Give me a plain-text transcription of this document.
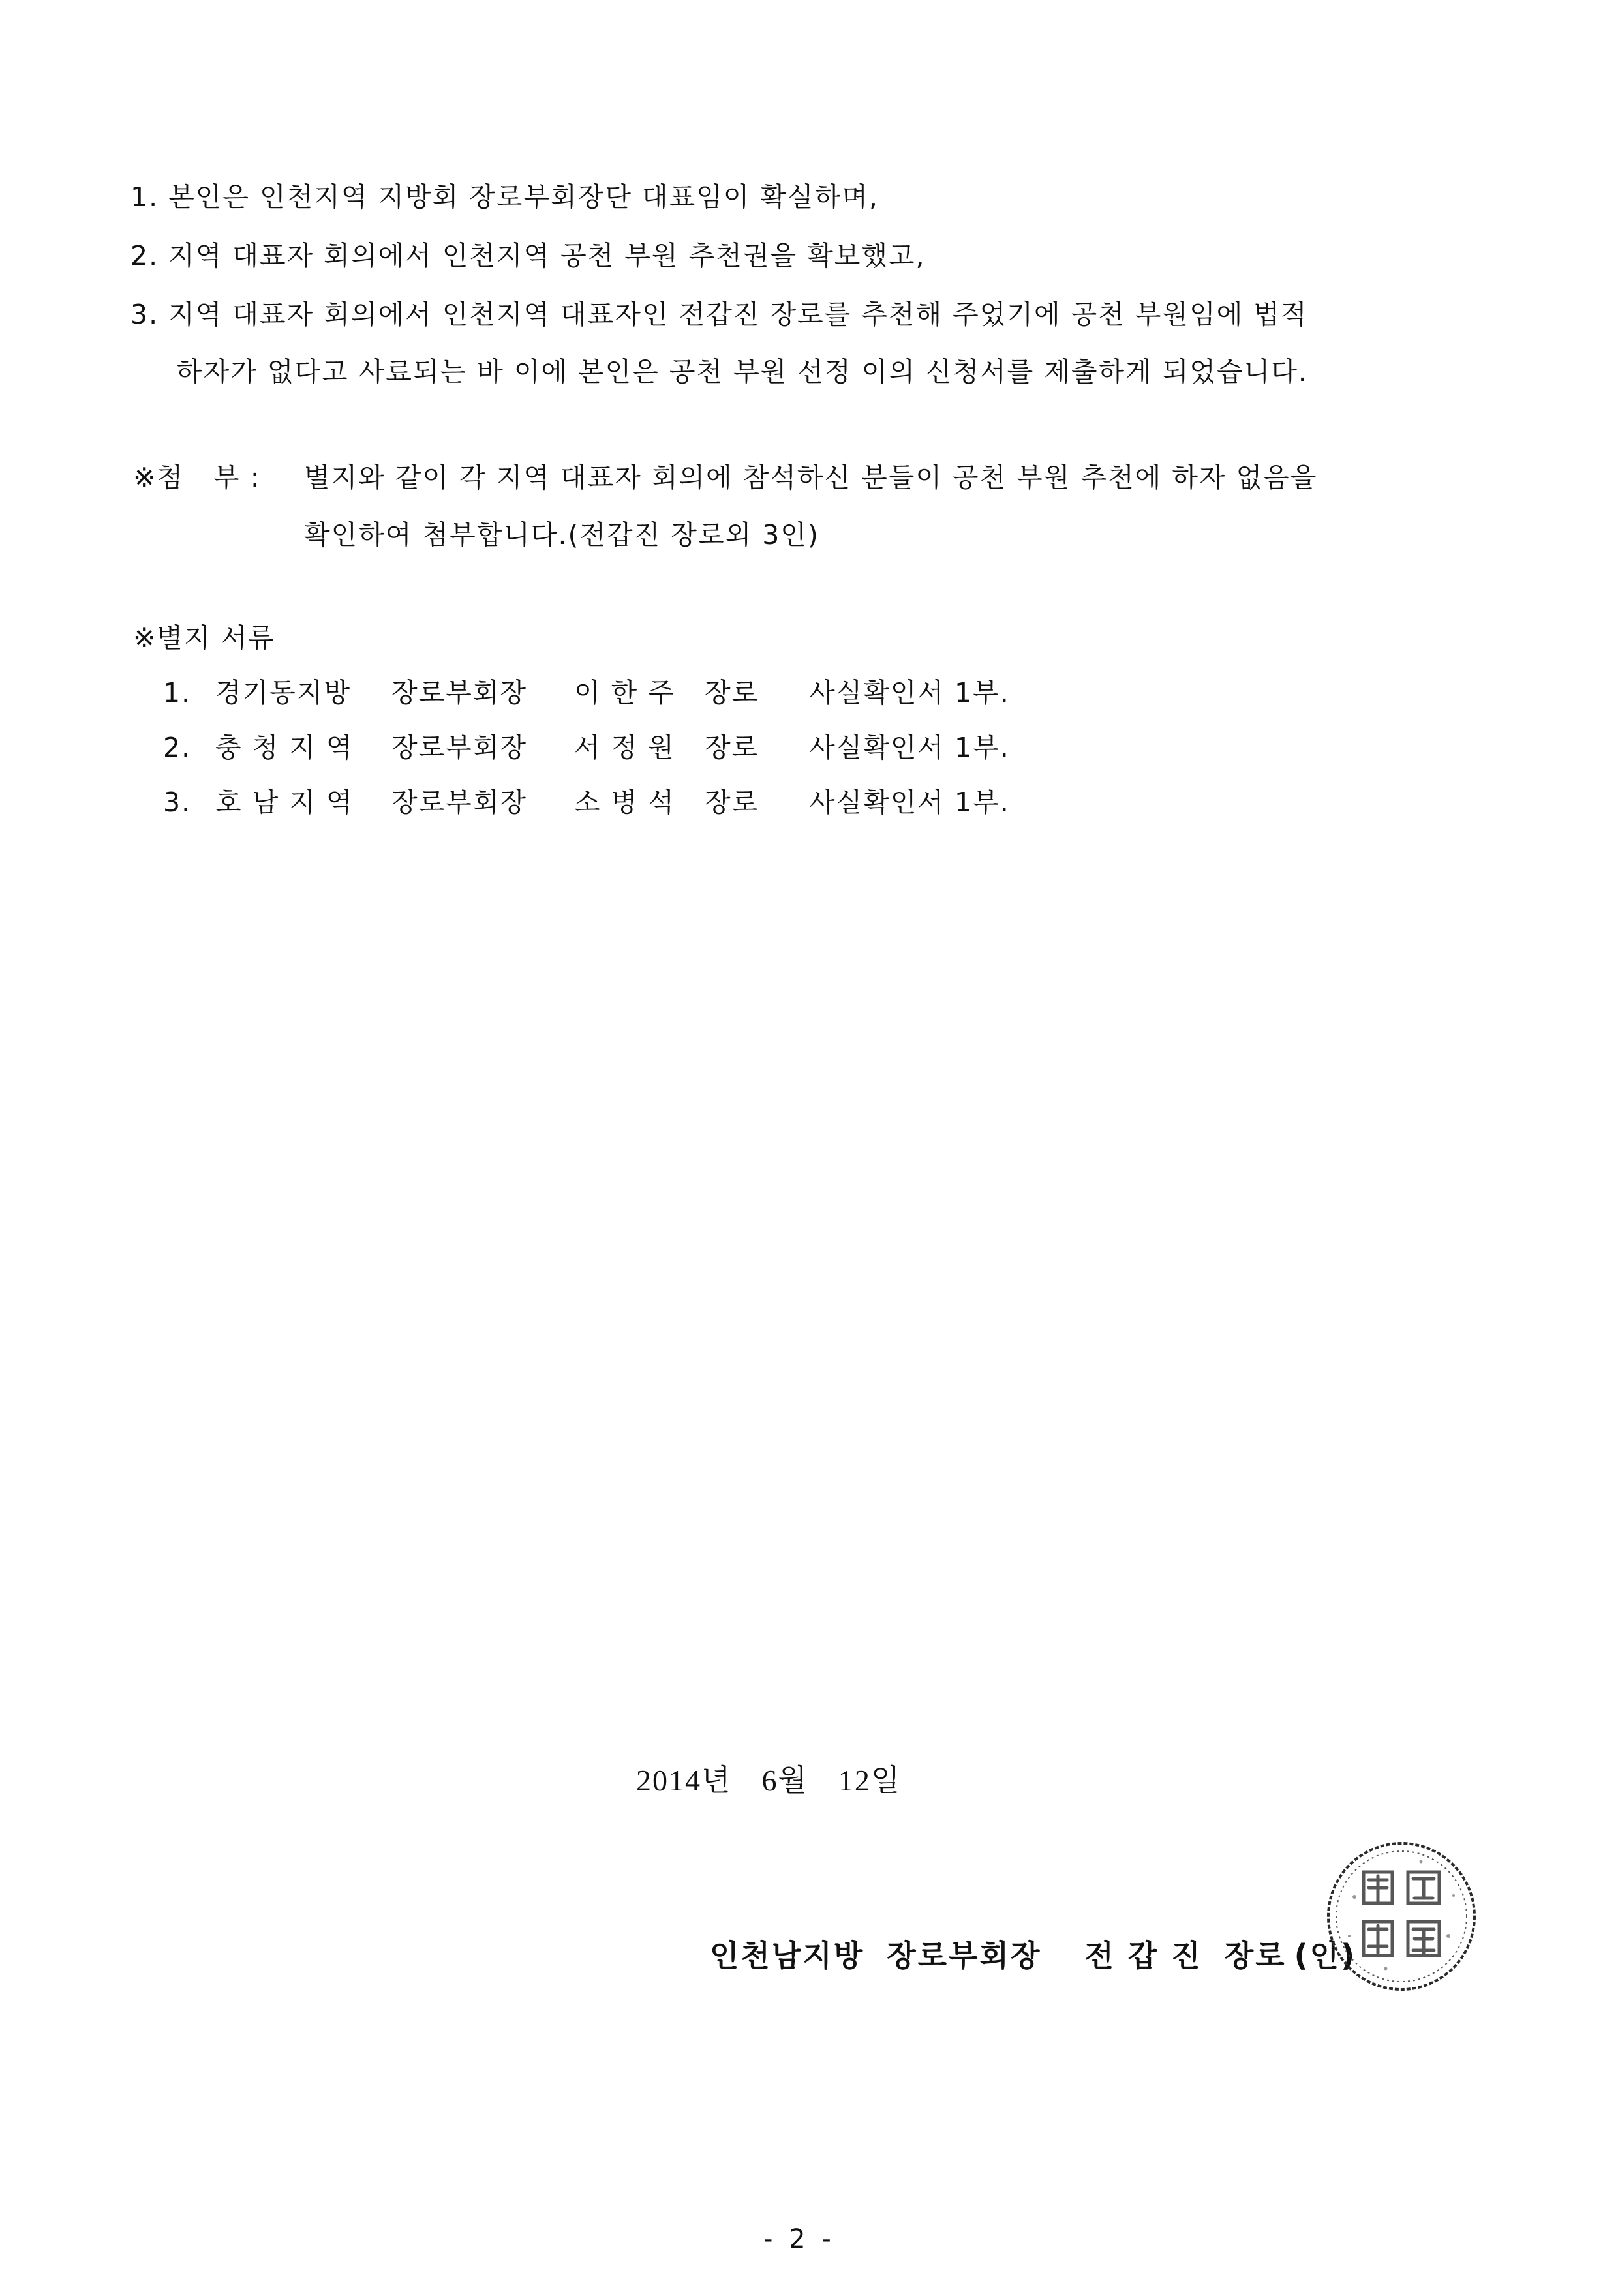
1. 본인은 인천지역 지방회 장로부회장단 대표임이 확실하며,
2. 지역 대표자 회의에서 인천지역 공천 부원 추천권을 확보했고,
3. 지역 대표자 회의에서 인천지역 대표자인 전갑진 장로를 추천해 주었기에 공천 부원임에 법적
하자가 없다고 사료되는 바 이에 본인은 공천 부원 선정 이의 신청서를 제출하게 되었습니다.
※첨   부 : 별지와 같이 각 지역 대표자 회의에 참석하신 분들이 공천 부원 추천에 하자 없음을
확인하여 첨부합니다.(전갑진 장로외 3인)
※별지 서류

1.

경기동지방

장로부회장

이 한 주

장로

사실확인서 1부.

2.

충 청 지 역

장로부회장

서 정 원

장로

사실확인서 1부.

3.

호 남 지 역

장로부회장

소 병 석

장로

사실확인서 1부.

2014년 6월 12일

인천남지방 장로부회장 전 갑 진 장로 (인)

- 2 -
